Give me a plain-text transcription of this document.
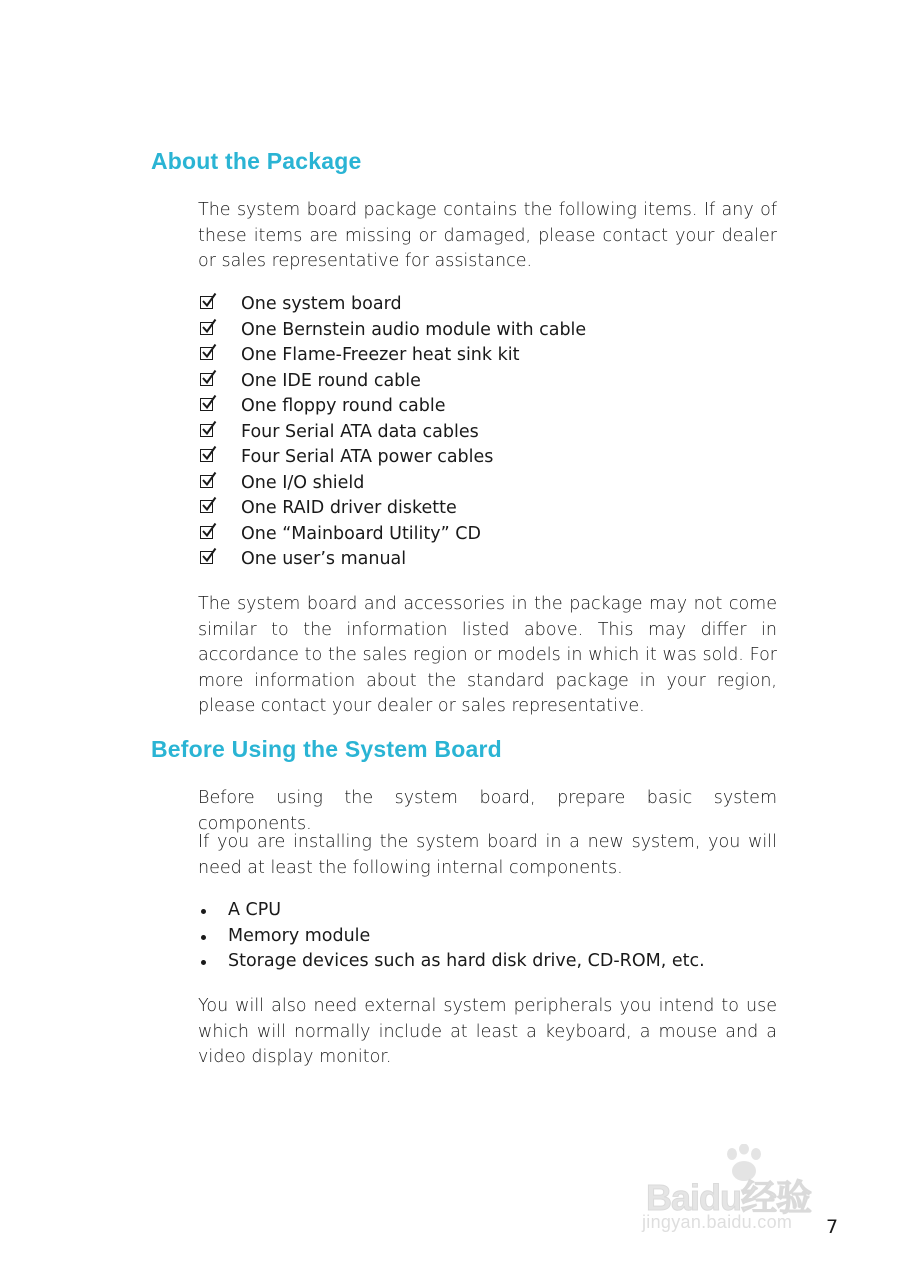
About the Package

The system board package contains the following items. If any of these items are missing or damaged, please contact your dealer or sales representative for assistance.

One system board
One Bernstein audio module with cable
One Flame-Freezer heat sink kit
One IDE round cable
One floppy round cable
Four Serial ATA data cables
Four Serial ATA power cables
One I/O shield
One RAID driver diskette
One “Mainboard Utility” CD
One user’s manual

The system board and accessories in the package may not come similar to the information listed above. This may differ in accordance to the sales region or models in which it was sold. For more information about the standard package in your region, please contact your dealer or sales representative.

Before Using the System Board

Before using the system board, prepare basic system components.

If you are installing the system board in a new system, you will need at least the following internal components.

A CPU
Memory module
Storage devices such as hard disk drive, CD-ROM, etc.

You will also need external system peripherals you intend to use which will normally include at least a keyboard, a mouse and a video display monitor.

Baidu经验
jingyan.baidu.com 7
